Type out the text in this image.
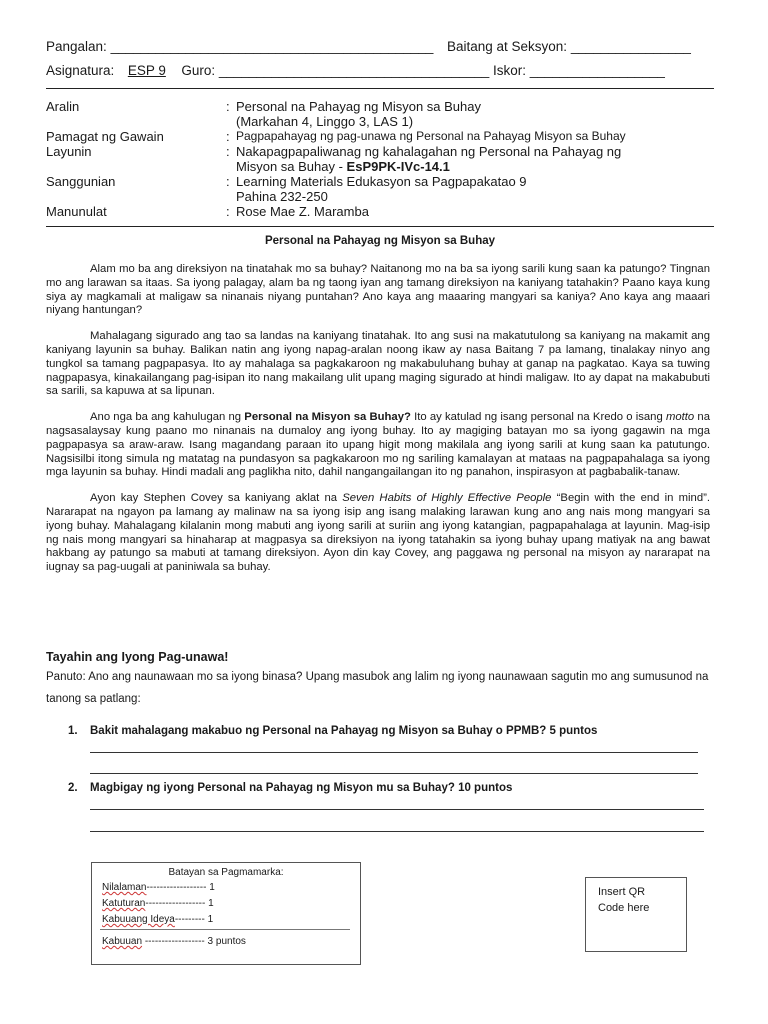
Pangalan: ___________________________________________ Baitang at Seksyon: ________________
Asignatura: ESP 9 Guro: ____________________________________ Iskor: __________________
Aralin	: Personal na Pahayag ng Misyon sa Buhay
(Markahan 4, Linggo 3, LAS 1)
Pamagat ng Gawain	: Pagpapahayag ng pag-unawa ng Personal na Pahayag Misyon sa Buhay
Layunin	: Nakapagpapaliwanag ng kahalagahan ng Personal na Pahayag ng
Misyon sa Buhay - EsP9PK-IVc-14.1
Sanggunian	: Learning Materials Edukasyon sa Pagpapakatao 9
Pahina 232-250
Manunulat	: Rose Mae Z. Maramba
Personal na Pahayag ng Misyon sa Buhay

Alam mo ba ang direksiyon na tinatahak mo sa buhay? Naitanong mo na ba sa iyong sarili kung saan ka patungo? Tingnan mo ang larawan sa itaas. Sa iyong palagay, alam ba ng taong iyan ang tamang direksiyon na kaniyang tatahakin? Paano kaya kung siya ay magkamali at maligaw sa ninanais niyang puntahan? Ano kaya ang maaaring mangyari sa kaniya? Ano kaya ang maaari niyang hantungan?

Mahalagang sigurado ang tao sa landas na kaniyang tinatahak. Ito ang susi na makatutulong sa kaniyang na makamit ang kaniyang layunin sa buhay. Balikan natin ang iyong napag-aralan noong ikaw ay nasa Baitang 7 pa lamang, tinalakay ninyo ang tungkol sa tamang pagpapasya. Ito ay mahalaga sa pagkakaroon ng makabuluhang buhay at ganap na pagkatao. Kaya sa tuwing nagpapasya, kinakailangang pag-isipan ito nang makailang ulit upang maging sigurado at hindi maligaw. Ito ay dapat na makabubuti sa sarili, sa kapuwa at sa lipunan.

Ano nga ba ang kahulugan ng Personal na Misyon sa Buhay? Ito ay katulad ng isang personal na Kredo o isang motto na nagsasalaysay kung paano mo ninanais na dumaloy ang iyong buhay. Ito ay magiging batayan mo sa iyong gagawin na mga pagpapasya sa araw-araw. Isang magandang paraan ito upang higit mong makilala ang iyong sarili at kung saan ka patutungo. Nagsisilbi itong simula ng matatag na pundasyon sa pagkakaroon mo ng sariling kamalayan at mataas na pagpapahalaga sa iyong mga layunin sa buhay. Hindi madali ang paglikha nito, dahil nangangailangan ito ng panahon, inspirasyon at pagbabalik-tanaw.

Ayon kay Stephen Covey sa kaniyang aklat na Seven Habits of Highly Effective People “Begin with the end in mind”. Nararapat na ngayon pa lamang ay malinaw na sa iyong isip ang isang malaking larawan kung ano ang nais mong mangyari sa iyong buhay. Mahalagang kilalanin mong mabuti ang iyong sarili at suriin ang iyong katangian, pagpapahalaga at layunin. Mag-isip ng nais mong mangyari sa hinaharap at magpasya sa direksiyon na iyong tatahakin sa iyong buhay upang matiyak na ang bawat hakbang ay patungo sa mabuti at tamang direksiyon. Ayon din kay Covey, ang paggawa ng personal na misyon ay nararapat na iugnay sa pag-uugali at paniniwala sa buhay.

Tayahin ang Iyong Pag-unawa!
Panuto: Ano ang naunawaan mo sa iyong binasa? Upang masubok ang lalim ng iyong naunawaan sagutin mo ang sumusunod na tanong sa patlang:
1. Bakit mahalagang makabuo ng Personal na Pahayag ng Misyon sa Buhay o PPMB? 5 puntos
2. Magbigay ng iyong Personal na Pahayag ng Misyon mu sa Buhay? 10 puntos
Batayan sa Pagmamarka:
Nilalaman------------------ 1
Katuturan------------------ 1
Kabuuang Ideya--------- 1
Kabuuan ------------------ 3 puntos
Insert QR Code here
